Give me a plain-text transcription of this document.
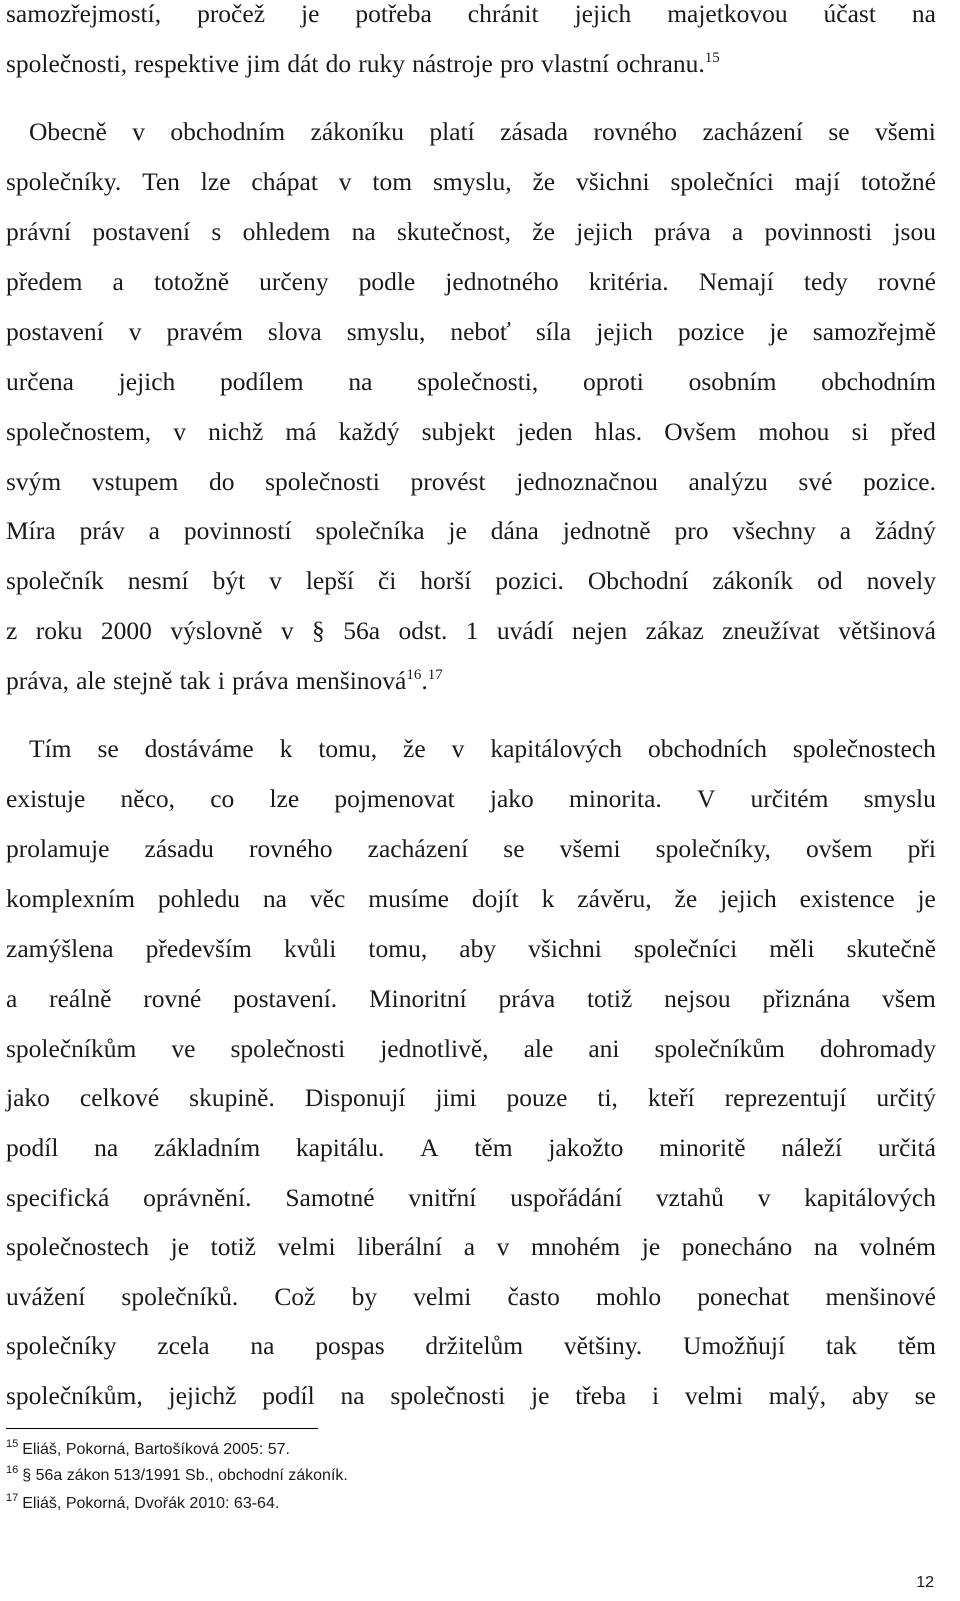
samozřejmostí, pročež je potřeba chránit jejich majetkovou účast na
společnosti, respektive jim dát do ruky nástroje pro vlastní ochranu.$^{15}$
Obecně v obchodním zákoníku platí zásada rovného zacházení se všemi
společníky. Ten lze chápat v tom smyslu, že všichni společníci mají totožné
právní postavení s ohledem na skutečnost, že jejich práva a povinnosti jsou
předem a totožně určeny podle jednotného kritéria. Nemají tedy rovné
postavení v pravém slova smyslu, neboť síla jejich pozice je samozřejmě
určena jejich podílem na společnosti, oproti osobním obchodním
společnostem, v nichž má každý subjekt jeden hlas. Ovšem mohou si před
svým vstupem do společnosti provést jednoznačnou analýzu své pozice.
Míra práv a povinností společníka je dána jednotně pro všechny a žádný
společník nesmí být v lepší či horší pozici. Obchodní zákoník od novely
z roku 2000 výslovně v § 56a odst. 1 uvádí nejen zákaz zneužívat většinová
práva, ale stejně tak i práva menšinová$^{16}$.$^{17}$
Tím se dostáváme k tomu, že v kapitálových obchodních společnostech
existuje něco, co lze pojmenovat jako minorita. V určitém smyslu
prolamuje zásadu rovného zacházení se všemi společníky, ovšem při
komplexním pohledu na věc musíme dojít k závěru, že jejich existence je
zamýšlena především kvůli tomu, aby všichni společníci měli skutečně
a reálně rovné postavení. Minoritní práva totiž nejsou přiznána všem
společníkům ve společnosti jednotlivě, ale ani společníkům dohromady
jako celkové skupině. Disponují jimi pouze ti, kteří reprezentují určitý
podíl na základním kapitálu. A těm jakožto minoritě náleží určitá
specifická oprávnění. Samotné vnitřní uspořádání vztahů v kapitálových
společnostech je totiž velmi liberální a v mnohém je ponecháno na volném
uvážení společníků. Což by velmi často mohlo ponechat menšinové
společníky zcela na pospas držitelům většiny. Umožňují tak těm
společníkům, jejichž podíl na společnosti je třeba i velmi malý, aby se
$^{15}$ Eliáš, Pokorná, Bartošíková 2005: 57.
$^{16}$ § 56a zákon 513/1991 Sb., obchodní zákoník.
$^{17}$ Eliáš, Pokorná, Dvořák 2010: 63-64.
12
